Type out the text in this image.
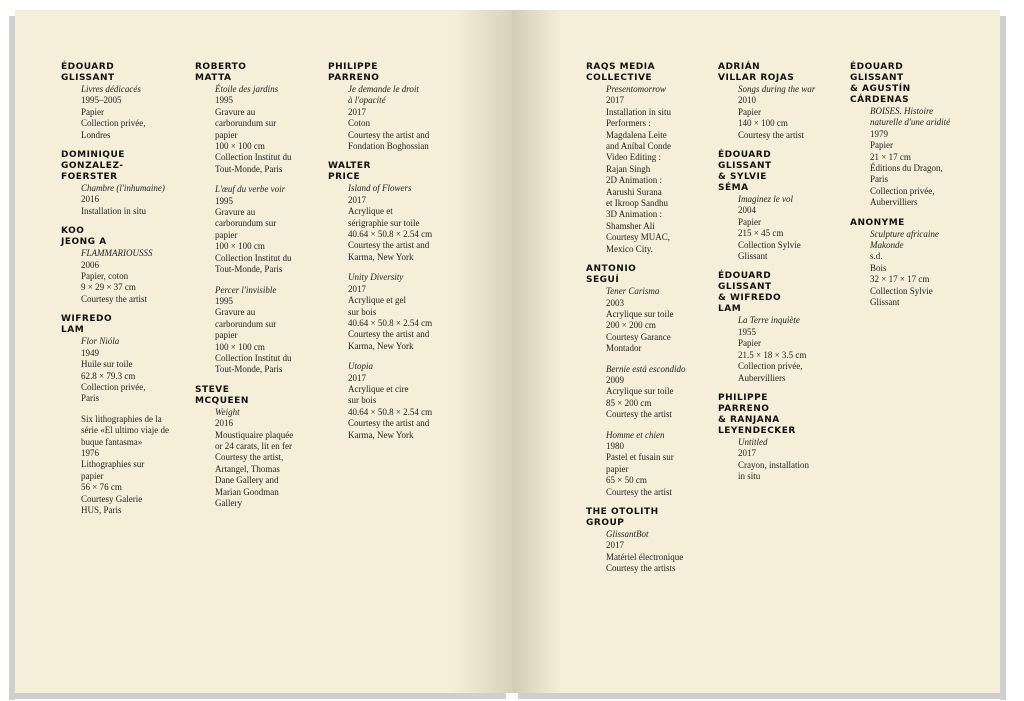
ÉDOUARD
GLISSANT
Livres dédicacés
1995–2005
Papier
Collection privée,
Londres
DOMINIQUE
GONZALEZ-
FOERSTER
Chambre (l'inhumaine)
2016
Installation in situ
KOO
JEONG A
FLAMMARIOUSSS
2006
Papier, coton
9 × 29 × 37 cm
Courtesy the artist
WIFREDO
LAM
Flor Nióla
1949
Huile sur toile
62.8 × 79.3 cm
Collection privée,
Paris
Six lithographies de la
série «El ultimo viaje de
buque fantasma»
1976
Lithographies sur
papier
56 × 76 cm
Courtesy Galerie
HUS, Paris
ROBERTO
MATTA
Étoile des jardins
1995
Gravure au
carborundum sur
papier
100 × 100 cm
Collection Institut du
Tout-Monde, Paris
L'œuf du verbe voir
1995
Gravure au
carborundum sur
papier
100 × 100 cm
Collection Institut du
Tout-Monde, Paris
Percer l'invisible
1995
Gravure au
carborundum sur
papier
100 × 100 cm
Collection Institut du
Tout-Monde, Paris
STEVE
MCQUEEN
Weight
2016
Moustiquaire plaquée
or 24 carats, lit en fer
Courtesy the artist,
Artangel, Thomas
Dane Gallery and
Marian Goodman
Gallery
PHILIPPE
PARRENO
Je demande le droit
à l'opacité
2017
Coton
Courtesy the artist and
Fondation Boghossian
WALTER
PRICE
Island of Flowers
2017
Acrylique et
sérigraphie sur toile
40.64 × 50.8 × 2.54 cm
Courtesy the artist and
Karma, New York
Unity Diversity
2017
Acrylique et gel
sur bois
40.64 × 50.8 × 2.54 cm
Courtesy the artist and
Karma, New York
Utopia
2017
Acrylique et cire
sur bois
40.64 × 50.8 × 2.54 cm
Courtesy the artist and
Karma, New York
RAQS MEDIA
COLLECTIVE
Presentomorrow
2017
Installation in situ
Performers :
Magdalena Leite
and Aníbal Conde
Video Editing :
Rajan Singh
2D Animation :
Aarushi Surana
et Ikroop Sandhu
3D Animation :
Shamsher Ali
Courtesy MUAC,
Mexico City.
ANTONIO
SEGUÍ
Tener Carisma
2003
Acrylique sur toile
200 × 200 cm
Courtesy Garance
Montador
Bernie está escondido
2009
Acrylique sur toile
85 × 200 cm
Courtesy the artist
Homme et chien
1980
Pastel et fusain sur
papier
65 × 50 cm
Courtesy the artist
THE OTOLITH
GROUP
GlissantBot
2017
Matériel électronique
Courtesy the artists
ADRIÁN
VILLAR ROJAS
Songs during the war
2010
Papier
140 × 100 cm
Courtesy the artist
ÉDOUARD
GLISSANT
& SYLVIE
SÉMA
Imaginez le vol
2004
Papier
215 × 45 cm
Collection Sylvie
Glissant
ÉDOUARD
GLISSANT
& WIFREDO
LAM
La Terre inquiète
1955
Papier
21.5 × 18 × 3.5 cm
Collection privée,
Aubervilliers
PHILIPPE
PARRENO
& RANJANA
LEYENDECKER
Untitled
2017
Crayon, installation
in situ
ÉDOUARD
GLISSANT
& AGUSTÍN
CÁRDENAS
BOISES. Histoire
naturelle d'une aridité
1979
Papier
21 × 17 cm
Éditions du Dragon,
Paris
Collection privée,
Aubervilliers
ANONYME
Sculpture africaine
Makonde
s.d.
Bois
32 × 17 × 17 cm
Collection Sylvie
Glissant
